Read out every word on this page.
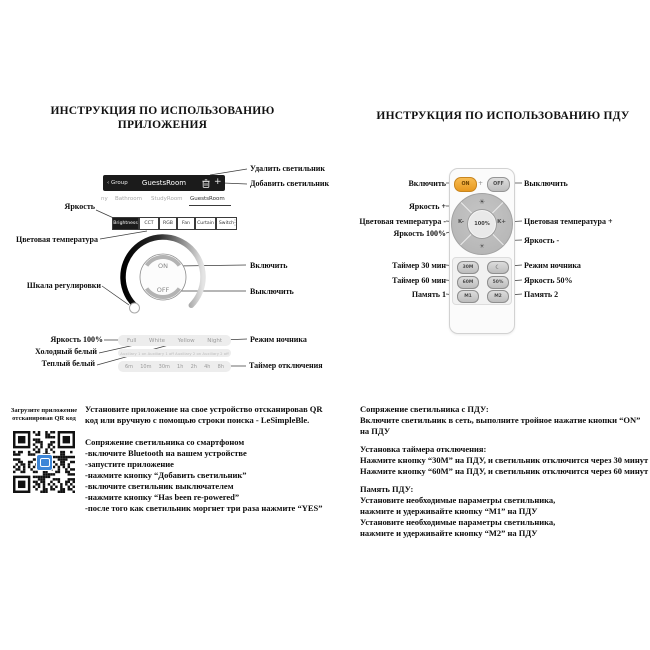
ИНСТРУКЦИЯ ПО ИСПОЛЬЗОВАНИЮ
ПРИЛОЖЕНИЯ
ИНСТРУКЦИЯ ПО ИСПОЛЬЗОВАНИЮ ПДУ
‹ Group	GuestsRoom	+
ny Bathroom StudyRoom GuestsRoom
Brightness	CCT	RGB	Fan	Curtain	Switch
⋮
ON
OFF
Full White Yellow Night
Auxiliary 1 on Auxiliary 1 off Auxiliary 2 on Auxiliary 2 off
6m 10m 30m 1h 2h 4h 8h
Удалить светильник
Добавить светильник
Яркость
Цветовая температура
Шкала регулировки
Включить
Выключить
Яркость 100%
Холодный белый
Теплый белый
Режим ночника
Таймер отключения
Загрузите приложение
отсканировав QR код
Установите приложение на свое устройство отсканировав QR код или вручную с помощью строки поиска - LeSimpleBle.
Сопряжение светильника со смартфоном
-включите Bluetooth на вашем устройстве
-запустите приложение
-нажмите кнопку “Добавить светильник”
-включите светильник выключателем
-нажмите кнопку “Has been re-powered”
-после того как светильник моргнет три раза нажмите “YES”
ON	+	OFF
☀
☀
K-	K+
100%
30M	☾
60M	50%
M1	M2
Включить	Выключить
Яркость +
Цветовая температура -
Яркость 100%
Цветовая температура +
Яркость -
Таймер 30 мин
Таймер 60 мин
Память 1
Режим ночника
Яркость 50%
Память 2
Сопряжение светильника с ПДУ:
Включите светильник в сеть, выполните тройное нажатие кнопки “ON” на ПДУ
Установка таймера отключения:
Нажмите кнопку “30M” на ПДУ, и светильник отключится через 30 минут
Нажмите кнопку “60M” на ПДУ, и светильник отключится через 60 минут
Память ПДУ:
Установите необходимые параметры светильника,
нажмите и удерживайте кнопку “M1” на ПДУ
Установите необходимые параметры светильника,
нажмите и удерживайте кнопку “M2” на ПДУ
